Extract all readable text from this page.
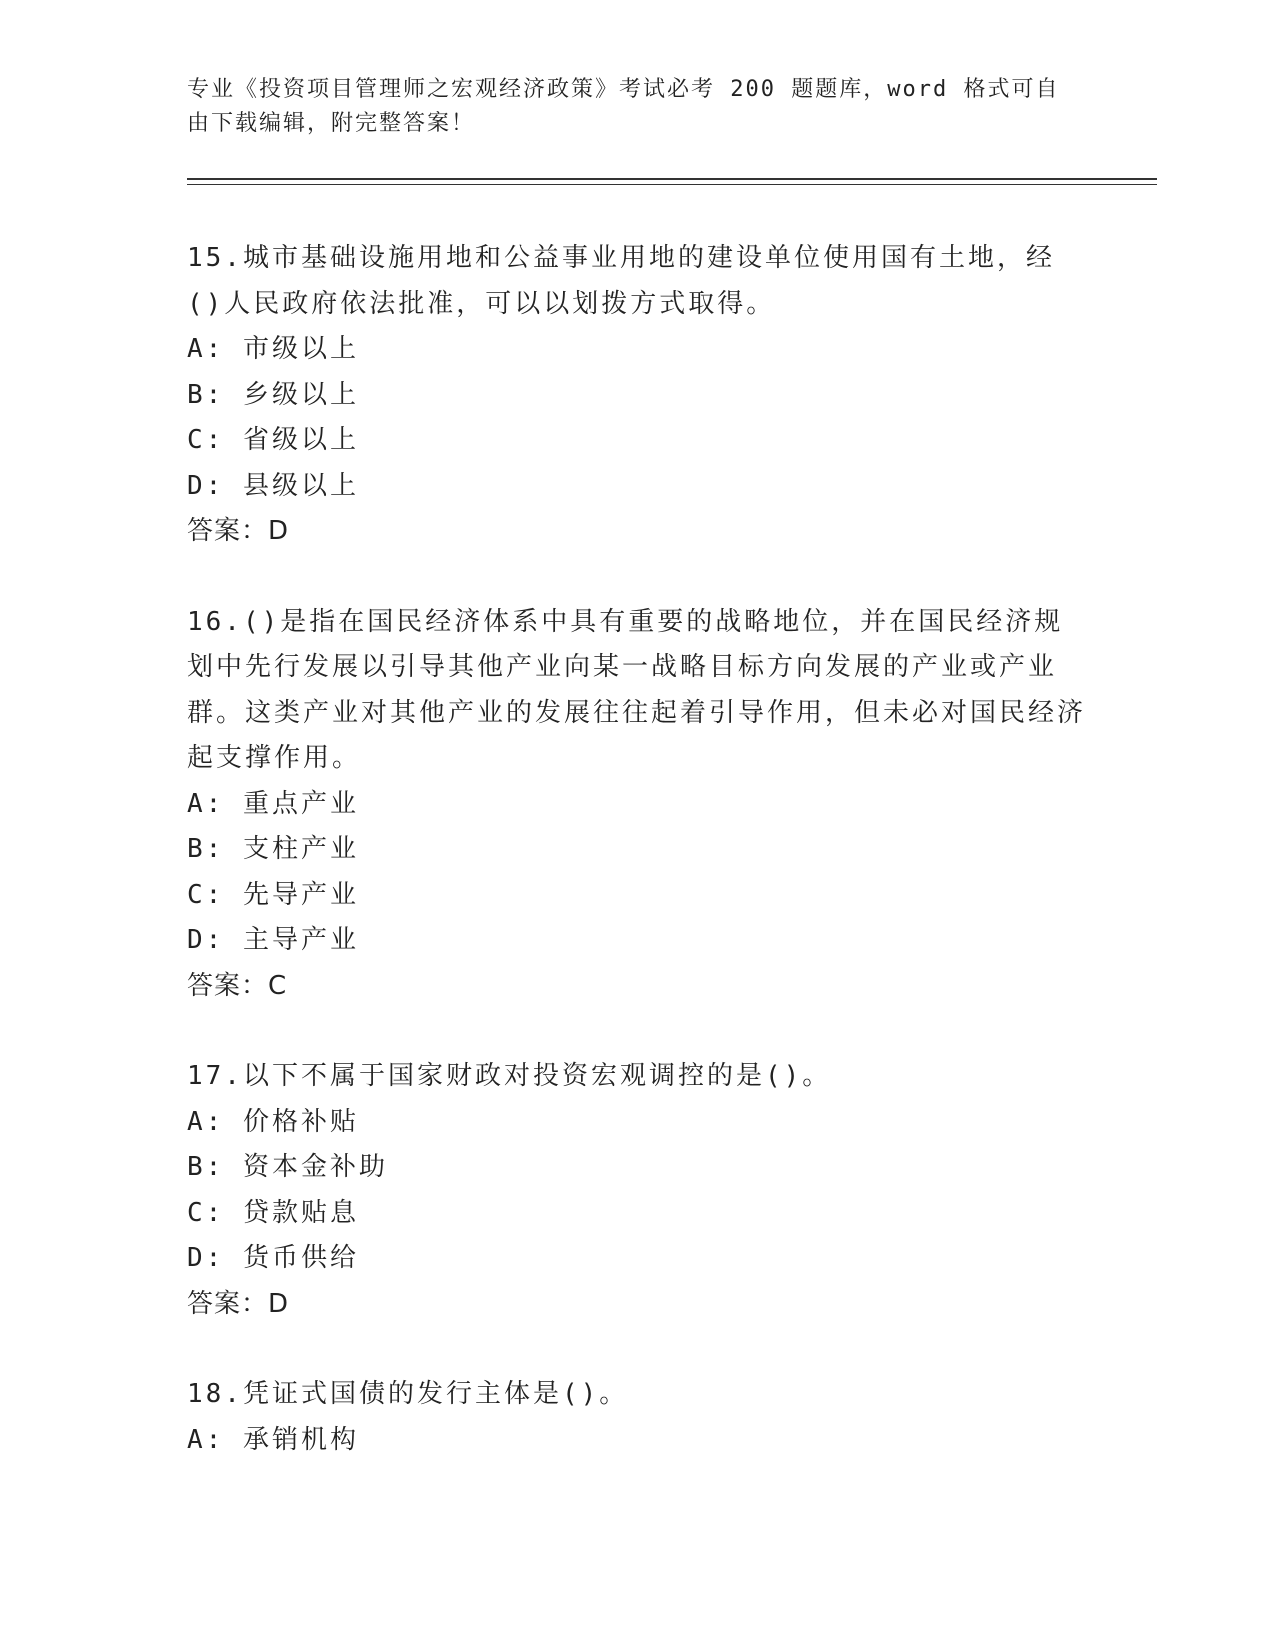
专业《投资项目管理师之宏观经济政策》考试必考 200 题题库，word 格式可自由下载编辑，附完整答案！

15.城市基础设施用地和公益事业用地的建设单位使用国有土地，经()人民政府依法批准，可以以划拨方式取得。

A: 市级以上

B: 乡级以上

C: 省级以上

D: 县级以上

答案：D

16.()是指在国民经济体系中具有重要的战略地位，并在国民经济规划中先行发展以引导其他产业向某一战略目标方向发展的产业或产业群。这类产业对其他产业的发展往往起着引导作用，但未必对国民经济起支撑作用。

A: 重点产业

B: 支柱产业

C: 先导产业

D: 主导产业

答案：C

17.以下不属于国家财政对投资宏观调控的是()。

A: 价格补贴

B: 资本金补助

C: 贷款贴息

D: 货币供给

答案：D

18.凭证式国债的发行主体是()。

A: 承销机构
